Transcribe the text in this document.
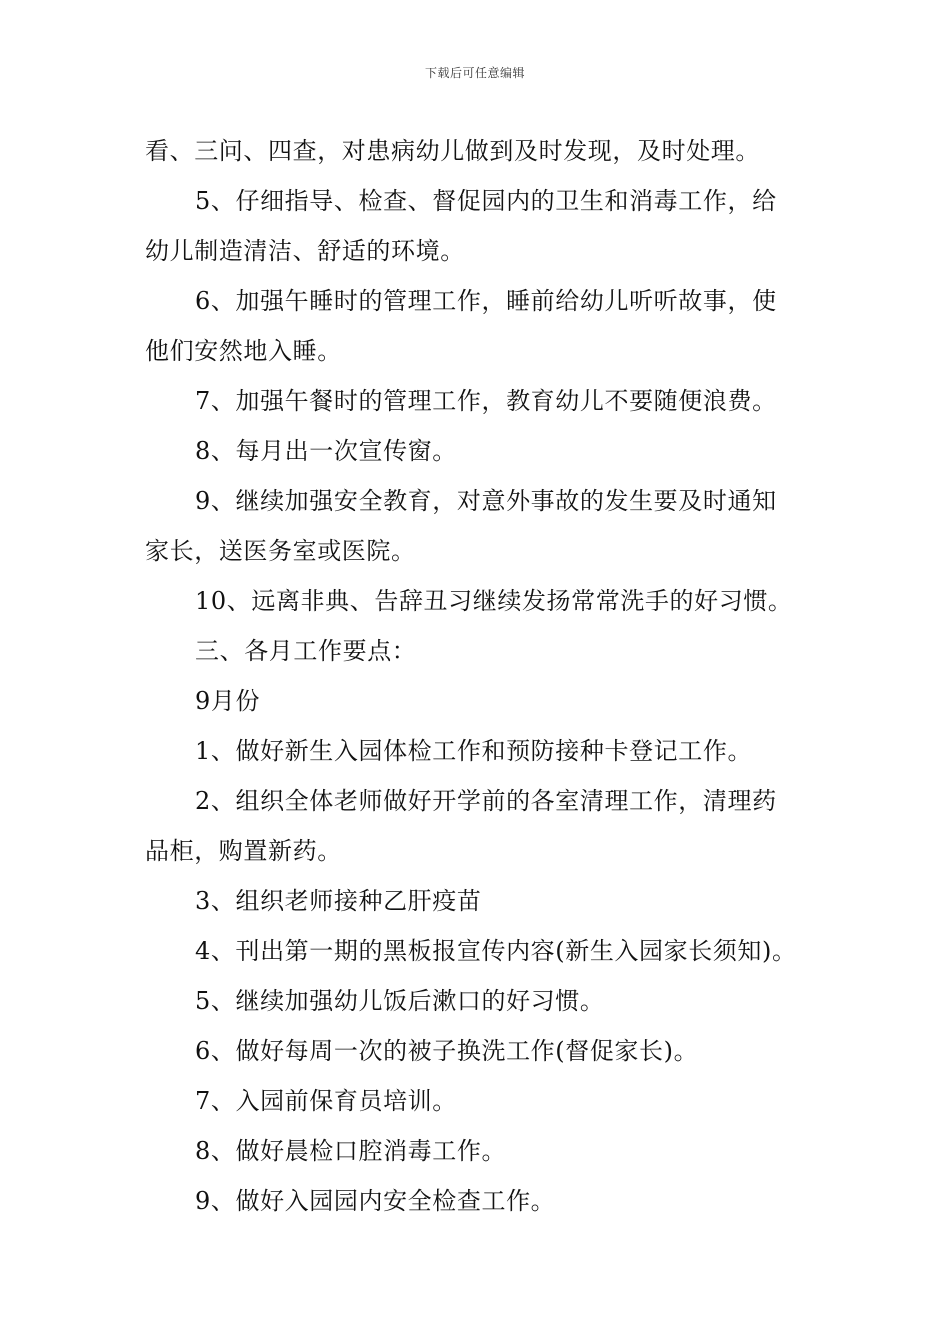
下载后可任意编辑
看、三问、四查，对患病幼儿做到及时发现，及时处理。
5、仔细指导、检查、督促园内的卫生和消毒工作，给
幼儿制造清洁、舒适的环境。
6、加强午睡时的管理工作，睡前给幼儿听听故事，使
他们安然地入睡。
7、加强午餐时的管理工作，教育幼儿不要随便浪费。
8、每月出一次宣传窗。
9、继续加强安全教育，对意外事故的发生要及时通知
家长，送医务室或医院。
10、远离非典、告辞丑习继续发扬常常洗手的好习惯。
三、各月工作要点：
9月份
1、做好新生入园体检工作和预防接种卡登记工作。
2、组织全体老师做好开学前的各室清理工作，清理药
品柜，购置新药。
3、组织老师接种乙肝疫苗
4、刊出第一期的黑板报宣传内容(新生入园家长须知)。
5、继续加强幼儿饭后漱口的好习惯。
6、做好每周一次的被子换洗工作(督促家长)。
7、入园前保育员培训。
8、做好晨检口腔消毒工作。
9、做好入园园内安全检查工作。
